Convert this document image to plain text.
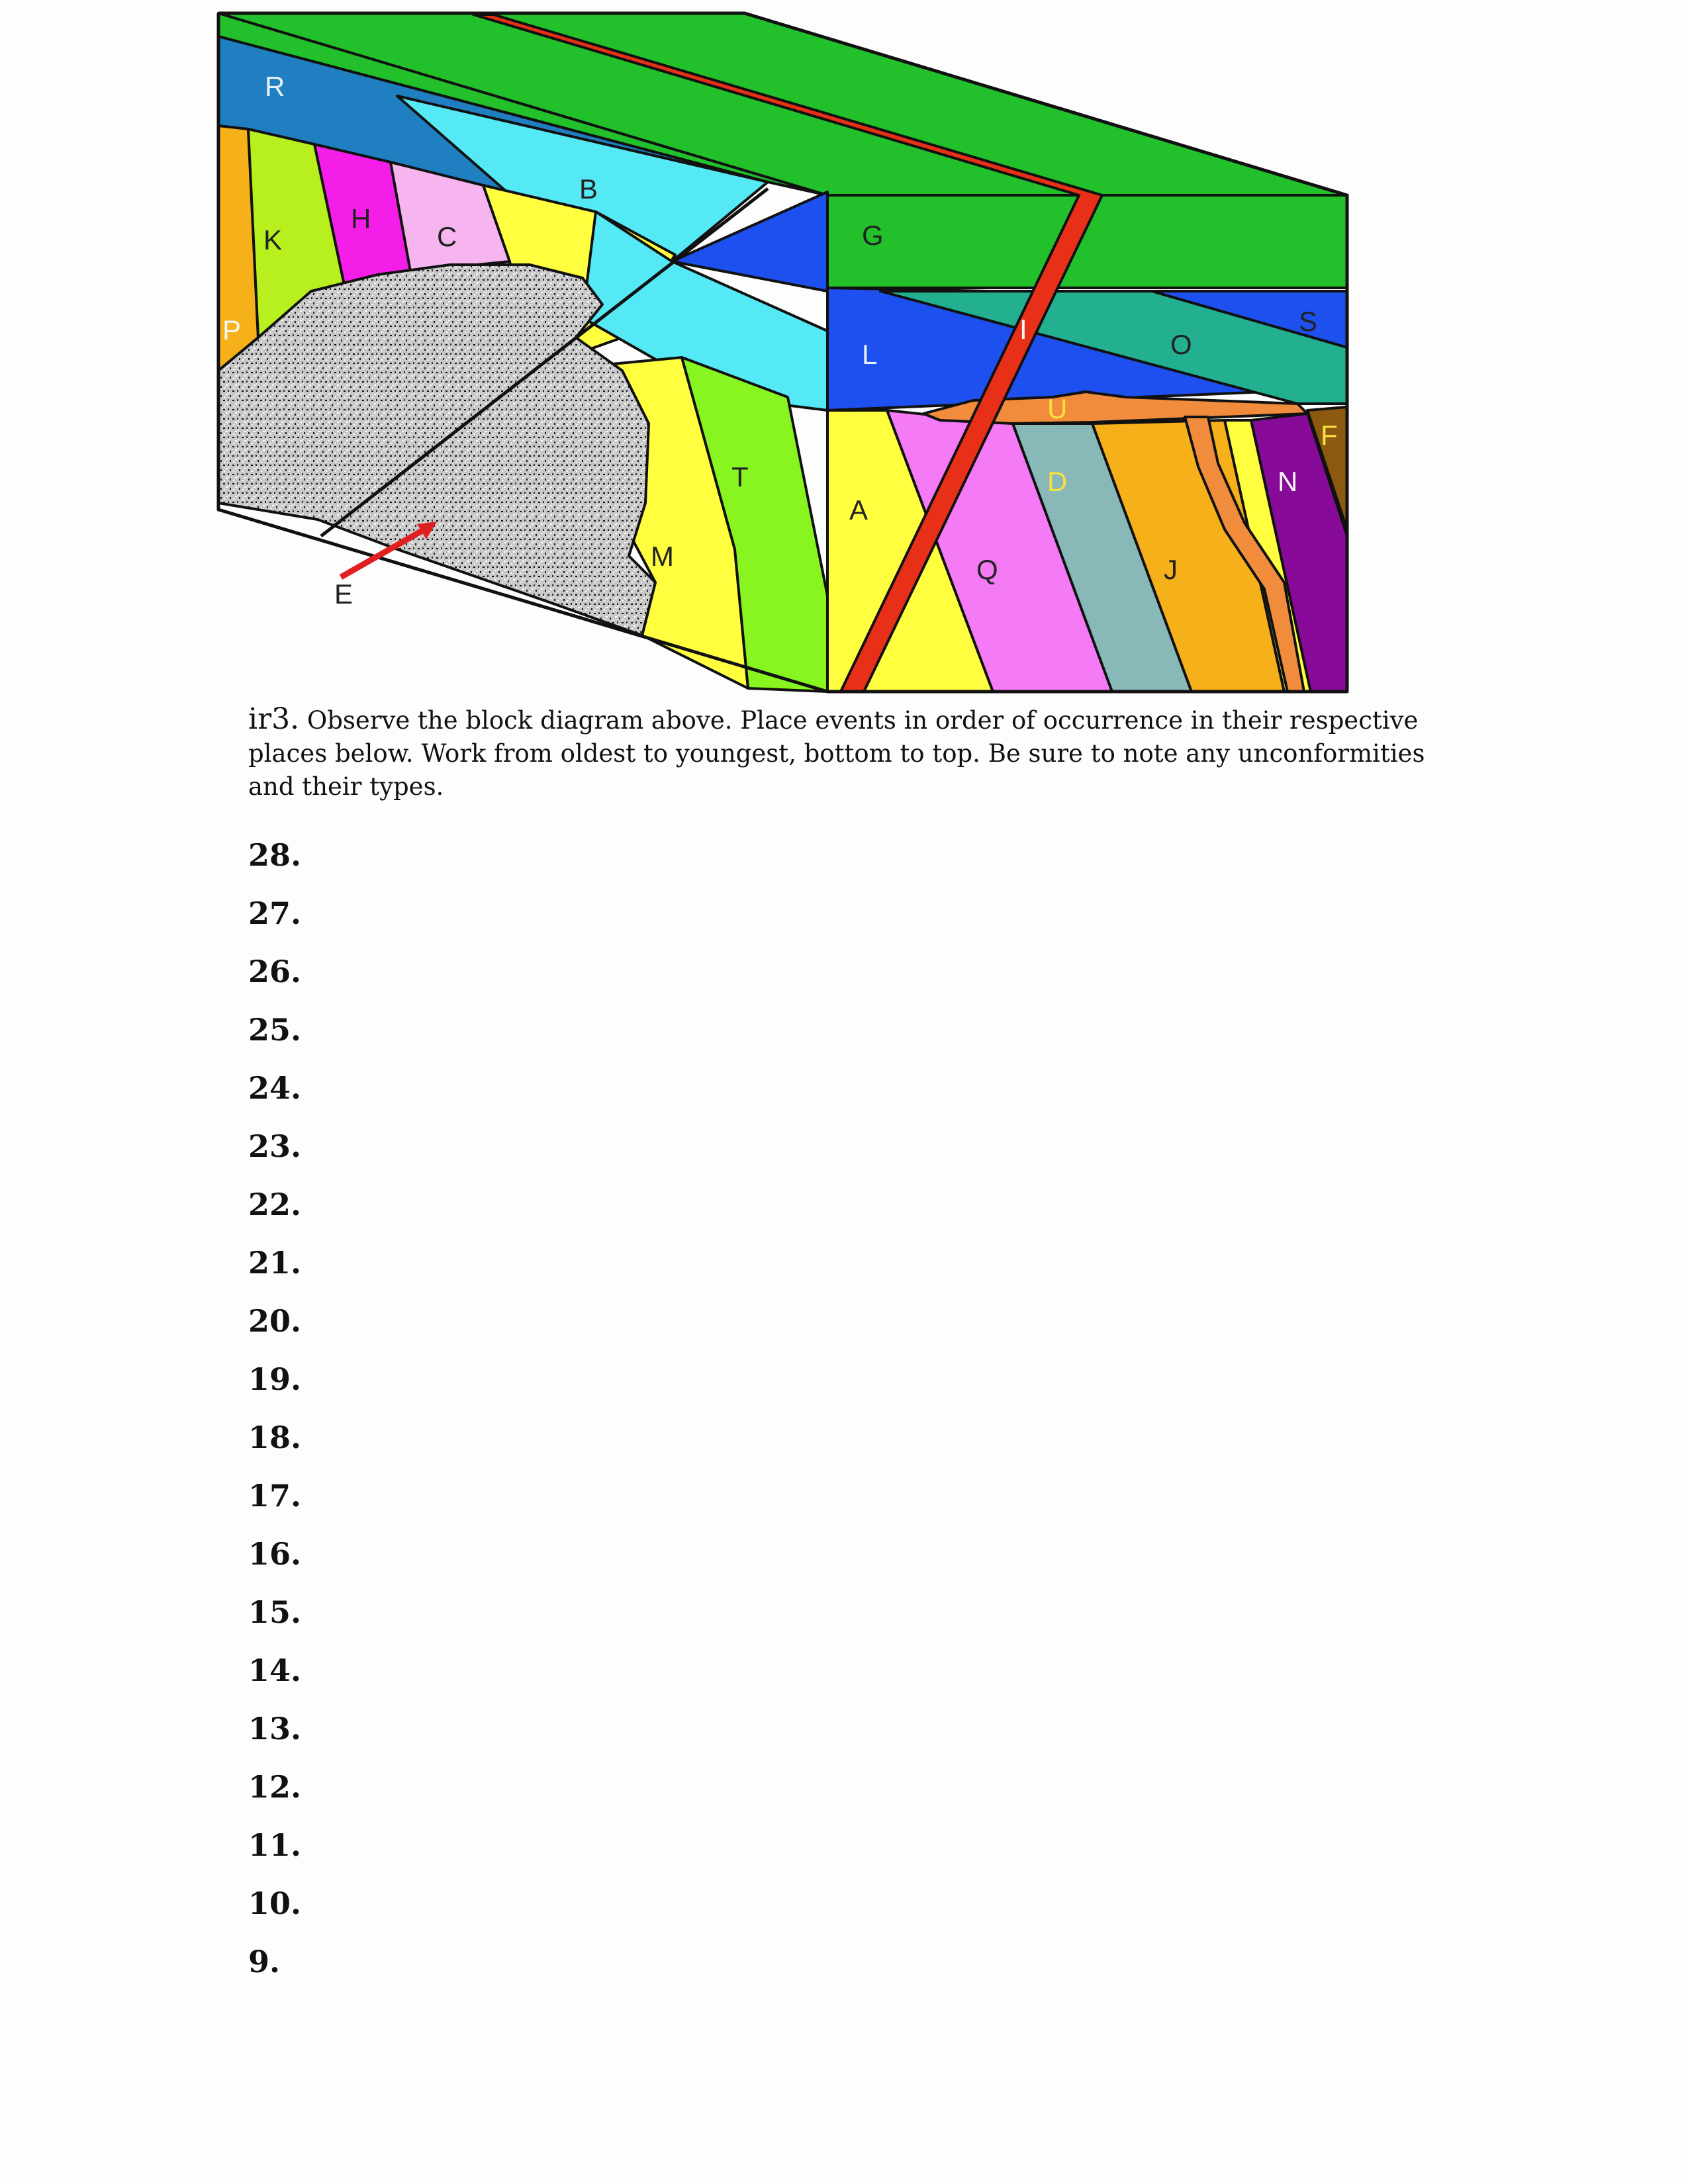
R
K
H
C
P
B
E
M
T
G
L
I	O
S
U
F
N
A
D
Q	J
ir3. Observe the block diagram above. Place events in order of occurrence in their respective places below. Work from oldest to youngest, bottom to top. Be sure to note any unconformities and their types.
28.
27.
26.
25.
24.
23.
22.
21.
20.
19.
18.
17.
16.
15.
14.
13.
12.
11.
10.
9.
